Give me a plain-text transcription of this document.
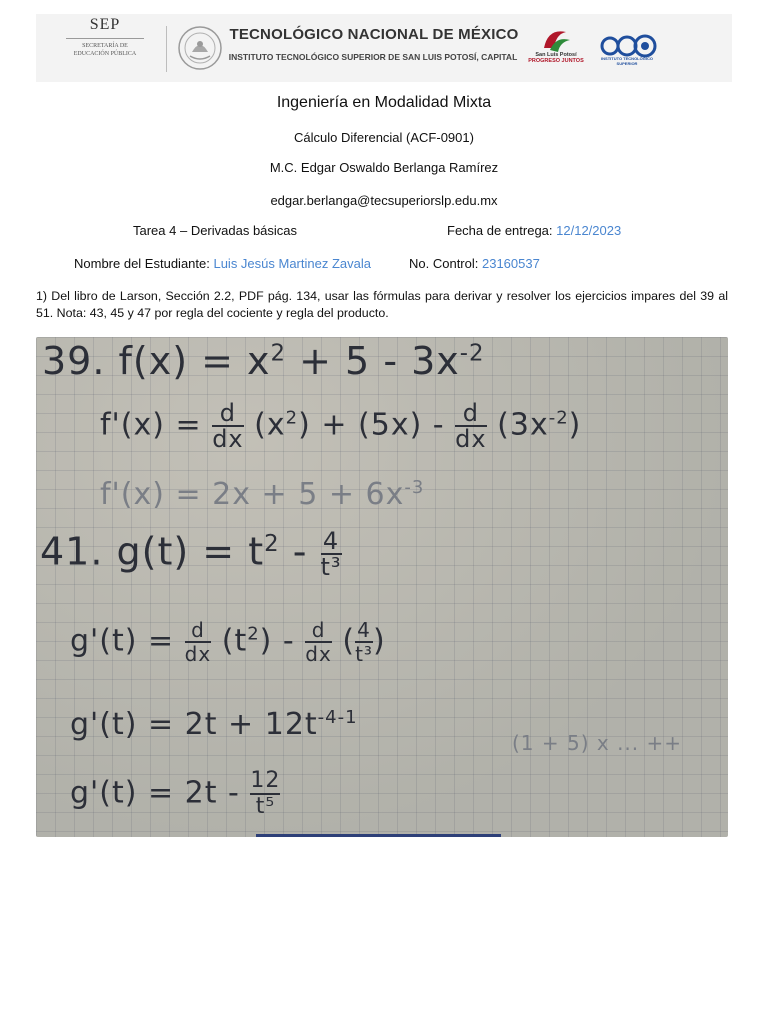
SEP
SECRETARÍA DE
EDUCACIÓN PÚBLICA
TECNOLÓGICO NACIONAL DE MÉXICO
INSTITUTO TECNOLÓGICO SUPERIOR DE SAN LUIS POTOSÍ, CAPITAL	San Luis Potosí
PROGRESO JUNTOS	INSTITUTO TECNOLÓGICO SUPERIOR
Ingeniería en Modalidad Mixta
Cálculo Diferencial (ACF-0901)
M.C. Edgar Oswaldo Berlanga Ramírez
edgar.berlanga@tecsuperiorslp.edu.mx
Tarea 4 – Derivadas básicas	Fecha de entrega: 12/12/2023
Nombre del Estudiante: Luis Jesús Martinez Zavala	No. Control: 23160537
1) Del libro de Larson, Sección 2.2, PDF pág. 134, usar las fórmulas para derivar y resolver los ejercicios impares del 39 al 51. Nota: 43, 45 y 47 por regla del cociente y regla del producto.
39. $f(x) = x^2 + 5 - 3x^{-2}$
$f'(x) = \frac{d}{dx} (x^2) + (5x) - \frac{d}{dx} (3x^{-2})$
$f'(x) = 2x + 5 + 6x^{-3}$
41. $g(t) = t^2 - \frac{4}{\text{t³}}$
$g'(t) = \frac{d}{dx} (t^2) - \frac{d}{dx}$ ( $\frac{4}{\text{t³}}$ )
$g'(t) = 2t + 12t^{-4-1}$
(1 + 5) x ... ++
$g'(t) = 2t - \frac{12}{\text{t⁵}}$
